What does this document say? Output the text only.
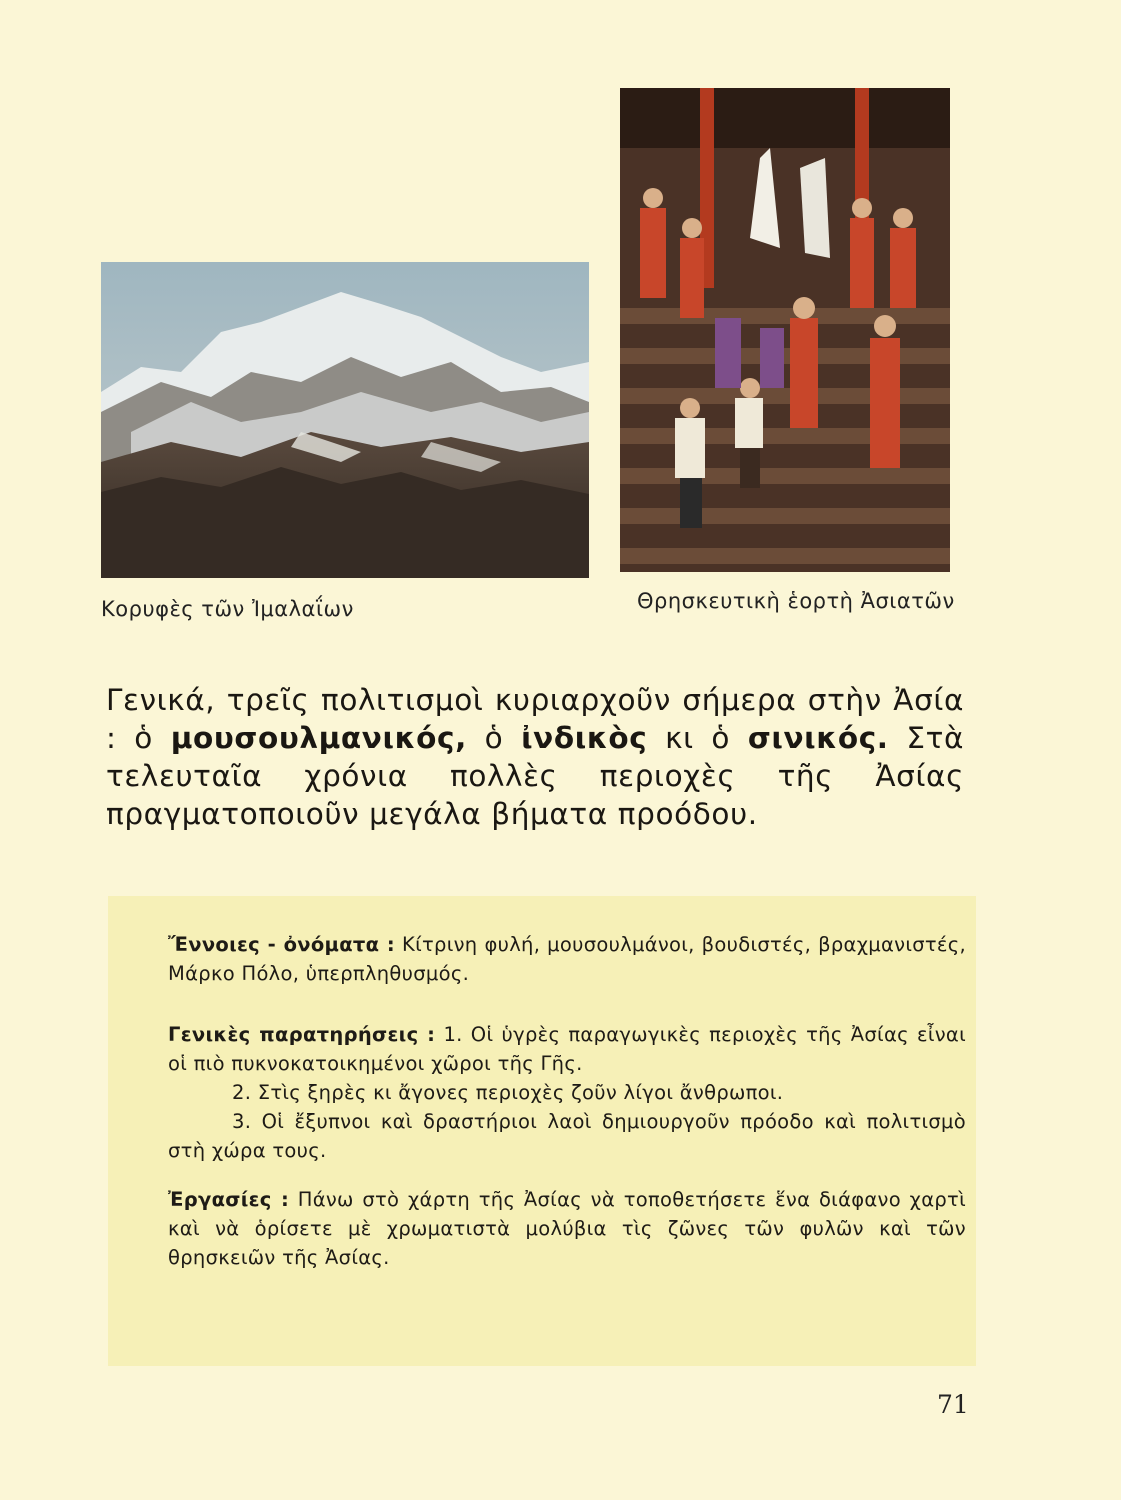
Κορυφὲς τῶν Ἰμαλαΐων	Θρησκευτικὴ ἑορτὴ Ἀσιατῶν
Γενικά, τρεῖς πολιτισμοὶ κυριαρχοῦν σήμερα στὴν Ἀσία : ὁ μουσουλμανικός, ὁ ἰνδικὸς κι ὁ σινικός. Στὰ τελευταῖα χρόνια πολλὲς περιοχὲς τῆς Ἀσίας πραγματοποιοῦν μεγάλα βήματα προόδου.

Ἔννοιες - ὀνόματα : Κίτρινη φυλή, μουσουλμάνοι, βουδιστές, βραχμανιστές, Μάρκο Πόλο, ὑπερπληθυσμός.

Γενικὲς παρατηρήσεις : 1. Οἱ ὑγρὲς παραγωγικὲς περιοχὲς τῆς Ἀσίας εἶναι οἱ πιὸ πυκνοκατοικημένοι χῶροι τῆς Γῆς.
2. Στὶς ξηρὲς κι ἄγονες περιοχὲς ζοῦν λίγοι ἄνθρωποι.
3. Οἱ ἔξυπνοι καὶ δραστήριοι λαοὶ δημιουργοῦν πρόοδο καὶ πολιτισμὸ στὴ χώρα τους.

Ἐργασίες : Πάνω στὸ χάρτη τῆς Ἀσίας νὰ τοποθετήσετε ἕνα διάφανο χαρτὶ καὶ νὰ ὁρίσετε μὲ χρωματιστὰ μολύβια τὶς ζῶνες τῶν φυλῶν καὶ τῶν θρησκειῶν τῆς Ἀσίας.

71
